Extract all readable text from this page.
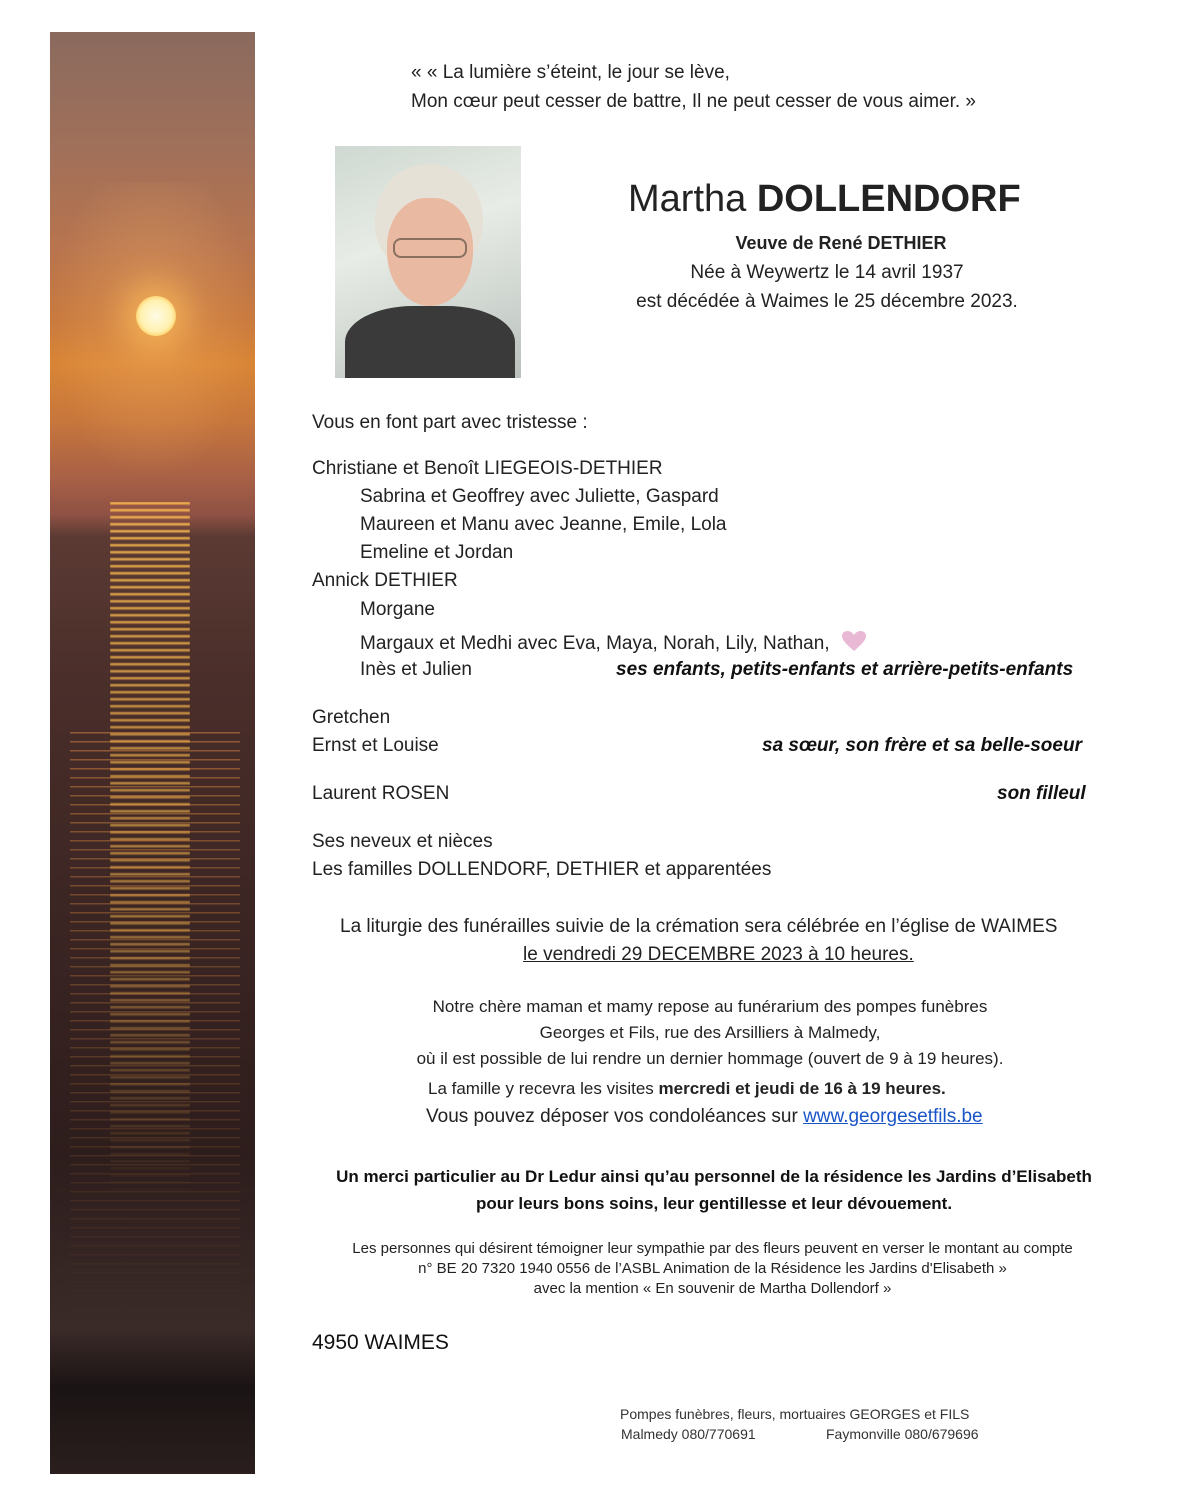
« « La lumière s’éteint, le jour se lève,
Mon cœur peut cesser de battre, Il ne peut cesser de vous aimer. »
Martha DOLLENDORF
Veuve de René DETHIER
Née à Weywertz le 14 avril 1937
est décédée à Waimes le 25 décembre 2023.
Vous en font part avec tristesse :
Christiane et Benoît LIEGEOIS-DETHIER
Sabrina et Geoffrey avec Juliette, Gaspard
Maureen et Manu avec Jeanne, Emile, Lola
Emeline et Jordan
Annick DETHIER
Morgane
Margaux et Medhi avec Eva, Maya, Norah, Lily, Nathan,
Inès et Julien	ses enfants, petits-enfants et arrière-petits-enfants
Gretchen
Ernst et Louise	sa sœur, son frère et sa belle-soeur
Laurent ROSEN	son filleul
Ses neveux et nièces
Les familles DOLLENDORF, DETHIER et apparentées
La liturgie des funérailles suivie de la crémation sera célébrée en l’église de WAIMES
le vendredi 29 DECEMBRE 2023 à 10 heures.
Notre chère maman et mamy repose au funérarium des pompes funèbres
Georges et Fils, rue des Arsilliers à Malmedy,
où il est possible de lui rendre un dernier hommage (ouvert de 9 à 19 heures).
La famille y recevra les visites mercredi et jeudi de 16 à 19 heures.
Vous pouvez déposer vos condoléances sur www.georgesetfils.be
Un merci particulier au Dr Ledur ainsi qu’au personnel de la résidence les Jardins d’Elisabeth
pour leurs bons soins, leur gentillesse et leur dévouement.
Les personnes qui désirent témoigner leur sympathie par des fleurs peuvent en verser le montant au compte
n° BE 20 7320 1940 0556 de l’ASBL Animation de la Résidence les Jardins d'Elisabeth »
avec la mention « En souvenir de Martha Dollendorf »
4950 WAIMES
Pompes funèbres, fleurs, mortuaires GEORGES et FILS
Malmedy 080/770691	Faymonville 080/679696
